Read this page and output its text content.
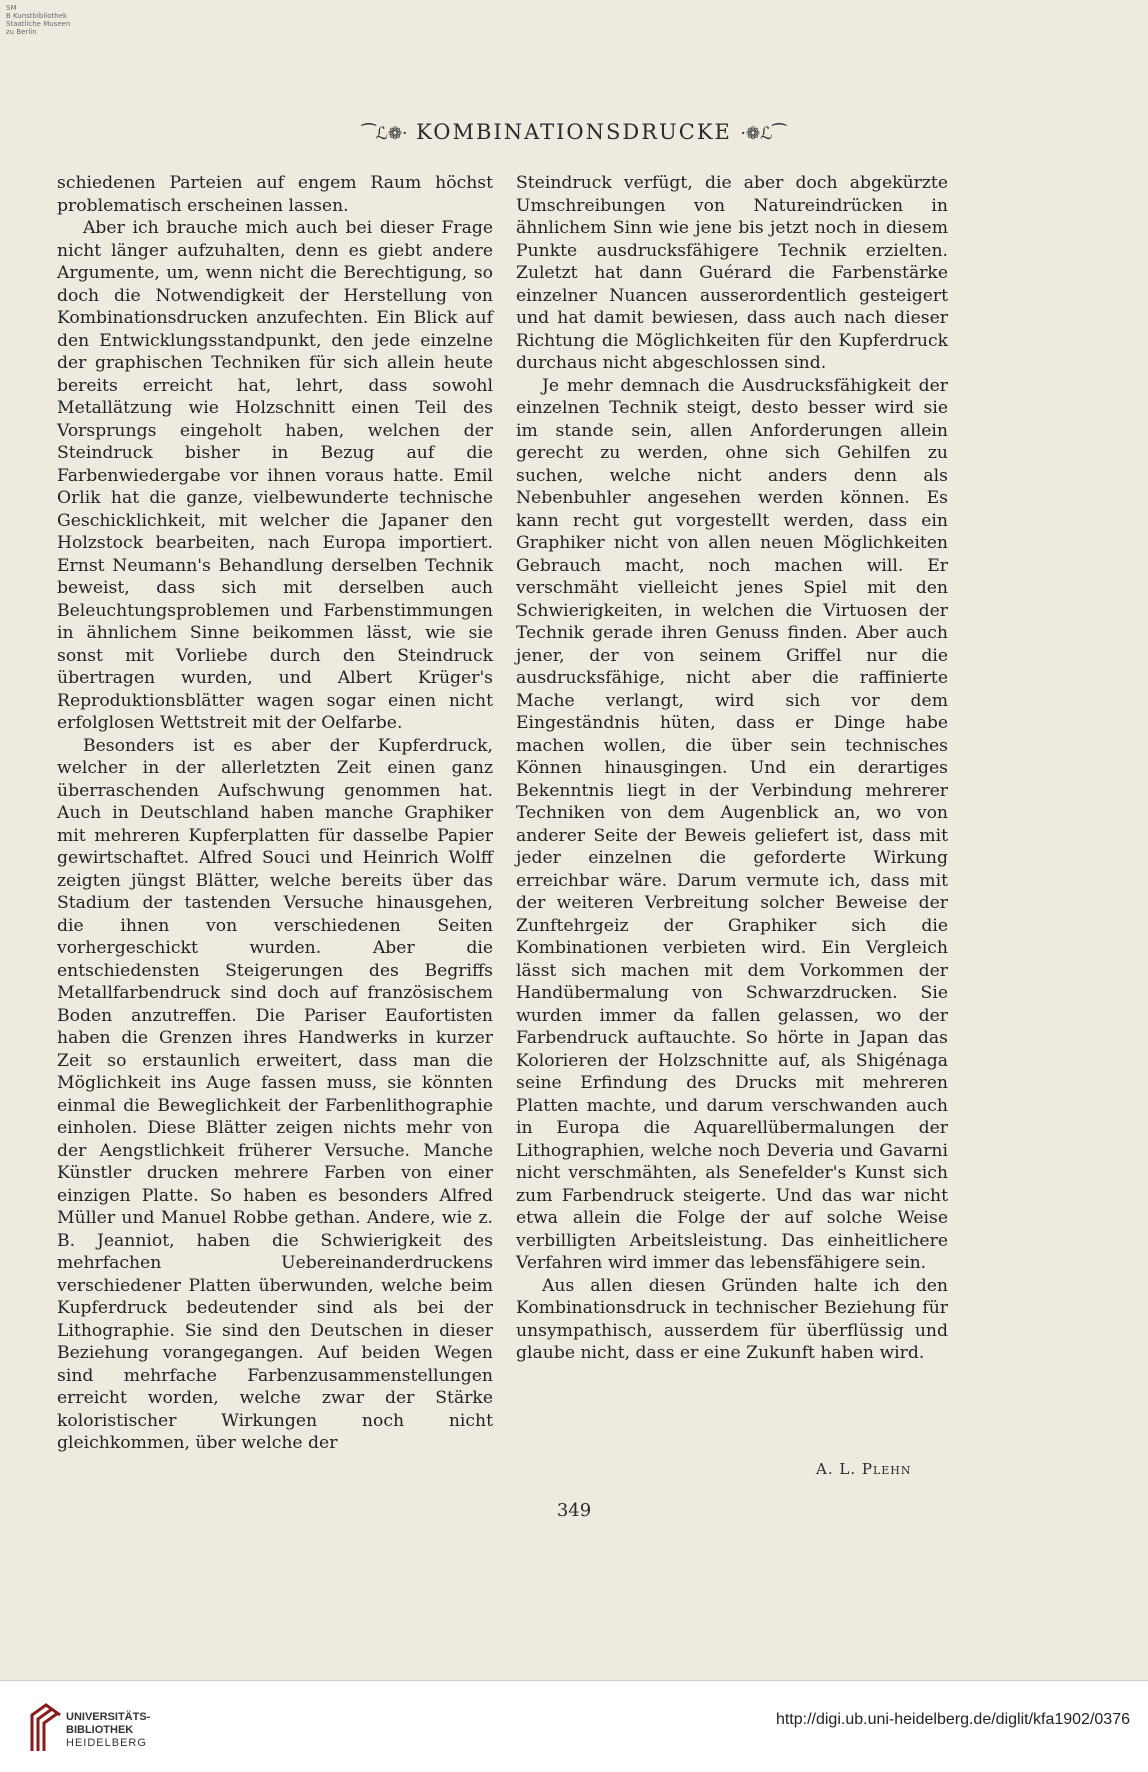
SM
B Kunstbibliothek
Staatliche Museen
zu Berlin
⁀ℒ❁· KOMBINATIONSDRUCKE ·❁ℒ⁀

schiedenen Parteien auf engem Raum höchst problematisch erscheinen lassen.

Aber ich brauche mich auch bei dieser Frage nicht länger aufzuhalten, denn es giebt andere Argumente, um, wenn nicht die Berechtigung, so doch die Notwendigkeit der Herstellung von Kombinationsdrucken anzufechten. Ein Blick auf den Entwicklungsstandpunkt, den jede einzelne der graphischen Techniken für sich allein heute bereits erreicht hat, lehrt, dass sowohl Metallätzung wie Holzschnitt einen Teil des Vorsprungs eingeholt haben, welchen der Steindruck bisher in Bezug auf die Farbenwiedergabe vor ihnen voraus hatte. Emil Orlik hat die ganze, vielbewunderte technische Geschicklichkeit, mit welcher die Japaner den Holzstock bearbeiten, nach Europa importiert. Ernst Neumann's Behandlung derselben Technik beweist, dass sich mit derselben auch Beleuchtungsproblemen und Farbenstimmungen in ähnlichem Sinne beikommen lässt, wie sie sonst mit Vorliebe durch den Steindruck übertragen wurden, und Albert Krüger's Reproduktionsblätter wagen sogar einen nicht erfolglosen Wettstreit mit der Oelfarbe.

Besonders ist es aber der Kupferdruck, welcher in der allerletzten Zeit einen ganz überraschenden Aufschwung genommen hat. Auch in Deutschland haben manche Graphiker mit mehreren Kupferplatten für dasselbe Papier gewirtschaftet. Alfred Souci und Heinrich Wolff zeigten jüngst Blätter, welche bereits über das Stadium der tastenden Versuche hinausgehen, die ihnen von verschiedenen Seiten vorhergeschickt wurden. Aber die entschiedensten Steigerungen des Begriffs Metallfarbendruck sind doch auf französischem Boden anzutreffen. Die Pariser Eaufortisten haben die Grenzen ihres Handwerks in kurzer Zeit so erstaunlich erweitert, dass man die Möglichkeit ins Auge fassen muss, sie könnten einmal die Beweglichkeit der Farbenlithographie einholen. Diese Blätter zeigen nichts mehr von der Aengstlichkeit früherer Versuche. Manche Künstler drucken mehrere Farben von einer einzigen Platte. So haben es besonders Alfred Müller und Manuel Robbe gethan. Andere, wie z. B. Jeanniot, haben die Schwierigkeit des mehrfachen Uebereinanderdruckens verschiedener Platten überwunden, welche beim Kupferdruck bedeutender sind als bei der Lithographie. Sie sind den Deutschen in dieser Beziehung vorangegangen. Auf beiden Wegen sind mehrfache Farbenzusammenstellungen erreicht worden, welche zwar der Stärke koloristischer Wirkungen noch nicht gleichkommen, über welche der

Steindruck verfügt, die aber doch abgekürzte Umschreibungen von Natureindrücken in ähnlichem Sinn wie jene bis jetzt noch in diesem Punkte ausdrucksfähigere Technik erzielten. Zuletzt hat dann Guérard die Farbenstärke einzelner Nuancen ausserordentlich gesteigert und hat damit bewiesen, dass auch nach dieser Richtung die Möglichkeiten für den Kupferdruck durchaus nicht abgeschlossen sind.

Je mehr demnach die Ausdrucksfähigkeit der einzelnen Technik steigt, desto besser wird sie im stande sein, allen Anforderungen allein gerecht zu werden, ohne sich Gehilfen zu suchen, welche nicht anders denn als Nebenbuhler angesehen werden können. Es kann recht gut vorgestellt werden, dass ein Graphiker nicht von allen neuen Möglichkeiten Gebrauch macht, noch machen will. Er verschmäht vielleicht jenes Spiel mit den Schwierigkeiten, in welchen die Virtuosen der Technik gerade ihren Genuss finden. Aber auch jener, der von seinem Griffel nur die ausdrucksfähige, nicht aber die raffinierte Mache verlangt, wird sich vor dem Eingeständnis hüten, dass er Dinge habe machen wollen, die über sein technisches Können hinausgingen. Und ein derartiges Bekenntnis liegt in der Verbindung mehrerer Techniken von dem Augenblick an, wo von anderer Seite der Beweis geliefert ist, dass mit jeder einzelnen die geforderte Wirkung erreichbar wäre. Darum vermute ich, dass mit der weiteren Verbreitung solcher Beweise der Zunftehrgeiz der Graphiker sich die Kombinationen verbieten wird. Ein Vergleich lässt sich machen mit dem Vorkommen der Handübermalung von Schwarzdrucken. Sie wurden immer da fallen gelassen, wo der Farbendruck auftauchte. So hörte in Japan das Kolorieren der Holzschnitte auf, als Shigénaga seine Erfindung des Drucks mit mehreren Platten machte, und darum verschwanden auch in Europa die Aquarellübermalungen der Lithographien, welche noch Deveria und Gavarni nicht verschmähten, als Senefelder's Kunst sich zum Farbendruck steigerte. Und das war nicht etwa allein die Folge der auf solche Weise verbilligten Arbeitsleistung. Das einheitlichere Verfahren wird immer das lebensfähigere sein.

Aus allen diesen Gründen halte ich den Kombinationsdruck in technischer Beziehung für unsympathisch, ausserdem für überflüssig und glaube nicht, dass er eine Zukunft haben wird.

A. L. Plehn
349
UNIVERSITÄTS-
BIBLIOTHEK
HEIDELBERG
http://digi.ub.uni-heidelberg.de/diglit/kfa1902/0376
